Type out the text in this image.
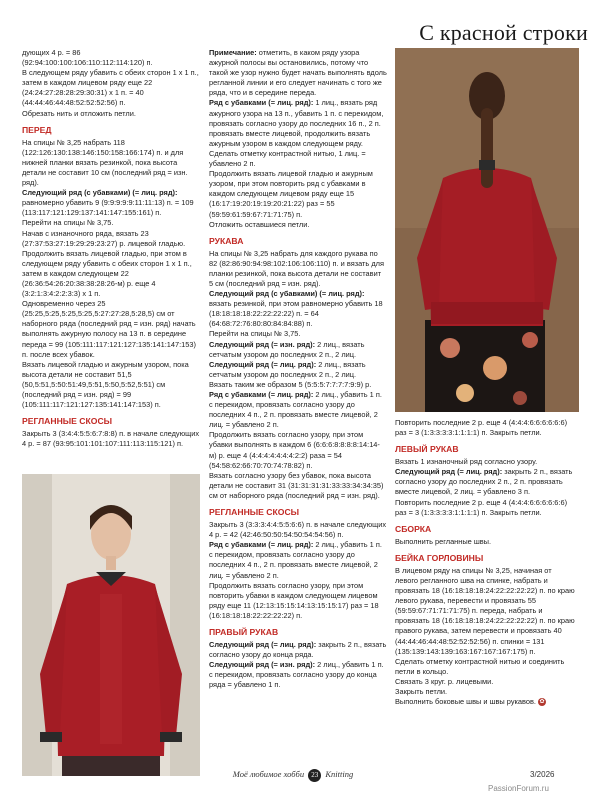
С красной строки

дующих 4 р. = 86 (92:94:100:100:106:110:112:114:120) п.

В следующем ряду убавить с обеих сторон 1 х 1 п., затем в каждом лицевом ряду еще 22 (24:24:27:28:28:29:30:31) х 1 п. = 40 (44:44:46:44:48:52:52:52:56) п.

Обрезать нить и отложить петли.

ПЕРЕД

На спицы № 3,25 набрать 118 (122:126:130:138:146:150:158:166:174) п. и для нижней планки вязать резинкой, пока высота детали не составит 10 см (последний ряд = изн. ряд).

Следующий ряд (с убавками) (= лиц. ряд): равномерно убавить 9 (9:9:9:9:9:11:11:13) п. = 109 (113:117:121:129:137:141:147:155:161) п.

Перейти на спицы № 3,75.

Начав с изнаночного ряда, вязать 23 (27:37:53:27:19:29:29:23:27) р. лицевой гладью.

Продолжить вязать лицевой гладью, при этом в следующем ряду убавить с обеих сторон 1 х 1 п., затем в каждом следующем 22 (26:36:54:26:20:38:38:28:26-м) р. еще 4 (3:2:1:3:4:2:2:3:3) х 1 п.

Одновременно через 25 (25:25,5:25,5:25,5:25,5:27:27:28,5:28,5) см от наборного ряда (последний ряд = изн. ряд) начать выполнять ажурную полосу на 13 п. в середине переда = 99 (105:111:117:121:127:135:141:147:153) п. после всех убавок.

Вязать лицевой гладью и ажурным узором, пока высота детали не составит 51,5 (50,5:51,5:50:51:49,5:51,5:50,5:52,5:51) см (последний ряд = изн. ряд) = 99 (105:111:117:121:127:135:141:147:153) п.

РЕГЛАННЫЕ СКОСЫ

Закрыть 3 (3:4:4:5:5:6:7:8:8) п. в начале следующих 4 р. = 87 (93:95:101:101:107:111:113:115:121) п.

Примечание: отметить, в каком ряду узора ажурной полосы вы остановились, потому что такой же узор нужно будет начать выполнять вдоль регланной линии и его следует начинать с того же ряда, что и в середине переда.

Ряд с убавками (= лиц. ряд): 1 лиц., вязать ряд ажурного узора на 13 п., убавить 1 п. с перекидом, провязать согласно узору до последних 16 п., 2 п. провязать вместе лицевой, продолжить вязать ажурным узором в каждом следующем ряду. Сделать отметку контрастной нитью, 1 лиц. = убавлено 2 п.

Продолжить вязать лицевой гладью и ажурным узором, при этом повторить ряд с убавками в каждом следующем лицевом ряду еще 15 (16:17:19:20:19:19:20:21:22) раз = 55 (59:59:61:59:67:71:71:75) п.

Отложить оставшиеся петли.

РУКАВА

На спицы № 3,25 набрать для каждого рукава по 82 (82:86:90:94:98:102:106:106:110) п. и вязать для планки резинкой, пока высота детали не составит 5 см (последний ряд = изн. ряд).

Следующий ряд (с убавками) (= лиц. ряд): вязать резинкой, при этом равномерно убавить 18 (18:18:18:18:22:22:22:22) п. = 64 (64:68:72:76:80:80:84:84:88) п.

Перейти на спицы № 3,75.

Следующий ряд (= изн. ряд): 2 лиц., вязать сетчатым узором до последних 2 п., 2 лиц.

Следующий ряд (= лиц. ряд): 2 лиц., вязать сетчатым узором до последних 2 п., 2 лиц.

Вязать таким же образом 5 (5:5:5:7:7:7:7:9:9) р.

Ряд с убавками (= лиц. ряд): 2 лиц., убавить 1 п. с перекидом, провязать согласно узору до последних 4 п., 2 п. провязать вместе лицевой, 2 лиц. = убавлено 2 п.

Продолжить вязать согласно узору, при этом убавки выполнять в каждом 6 (6:6:6:8:8:8:8:14:14-м) р. еще 4 (4:4:4:4:4:4:4:2:2) раза = 54 (54:58:62:66:70:70:74:78:82) п.

Вязать согласно узору без убавок, пока высота детали не составит 31 (31:31:31:31:33:33:34:34:35) см от наборного ряда (последний ряд = изн. ряд).

РЕГЛАННЫЕ СКОСЫ

Закрыть 3 (3:3:3:4:4:5:5:6:6) п. в начале следующих 4 р. = 42 (42:46:50:50:54:50:54:54:56) п.

Ряд с убавками (= лиц. ряд): 2 лиц., убавить 1 п. с перекидом, провязать согласно узору до последних 4 п., 2 п. провязать вместе лицевой, 2 лиц. = убавлено 2 п.

Продолжить вязать согласно узору, при этом повторить убавки в каждом следующем лицевом ряду еще 11 (12:13:15:15:14:13:15:15:17) раз = 18 (16:18:18:18:22:22:22:22) п.

ПРАВЫЙ РУКАВ

Следующий ряд (= лиц. ряд): закрыть 2 п., вязать согласно узору до конца ряда.

Следующий ряд (= изн. ряд): 2 лиц., убавить 1 п. с перекидом, провязать согласно узору до конца ряда = убавлено 1 п.

Повторить последние 2 р. еще 4 (4:4:4:6:6:6:6:6:6) раз = 3 (1:3:3:3:3:1:1:1:1) п. Закрыть петли.

ЛЕВЫЙ РУКАВ

Вязать 1 изнаночный ряд согласно узору.

Следующий ряд (= лиц. ряд): закрыть 2 п., вязать согласно узору до последних 2 п., 2 п. провязать вместе лицевой, 2 лиц. = убавлено 3 п.

Повторить последние 2 р. еще 4 (4:4:4:6:6:6:6:6:6) раз = 3 (1:3:3:3:3:1:1:1:1) п. Закрыть петли.

СБОРКА

Выполнить регланные швы.

БЕЙКА ГОРЛОВИНЫ

В лицевом ряду на спицы № 3,25, начиная от левого регланного шва на спинке, набрать и провязать 18 (16:18:18:18:24:22:22:22:22) п. по краю левого рукава, перевести и провязать 55 (59:59:67:71:71:71:75) п. переда, набрать и провязать 18 (16:18:18:18:24:22:22:22:22) п. по краю правого рукава, затем перевести и провязать 40 (44:44:46:44:48:52:52:52:56) п. спинки = 131 (135:139:143:139:163:167:167:167:175) п.

Сделать отметку контрастной нитью и соединить петли в кольцо.

Связать 3 круг. р. лицевыми.

Закрыть петли.

Выполнить боковые швы и швы рукавов. ✿

Моё любимое хобби 23 Knitting	3/2026
PassionForum.ru
